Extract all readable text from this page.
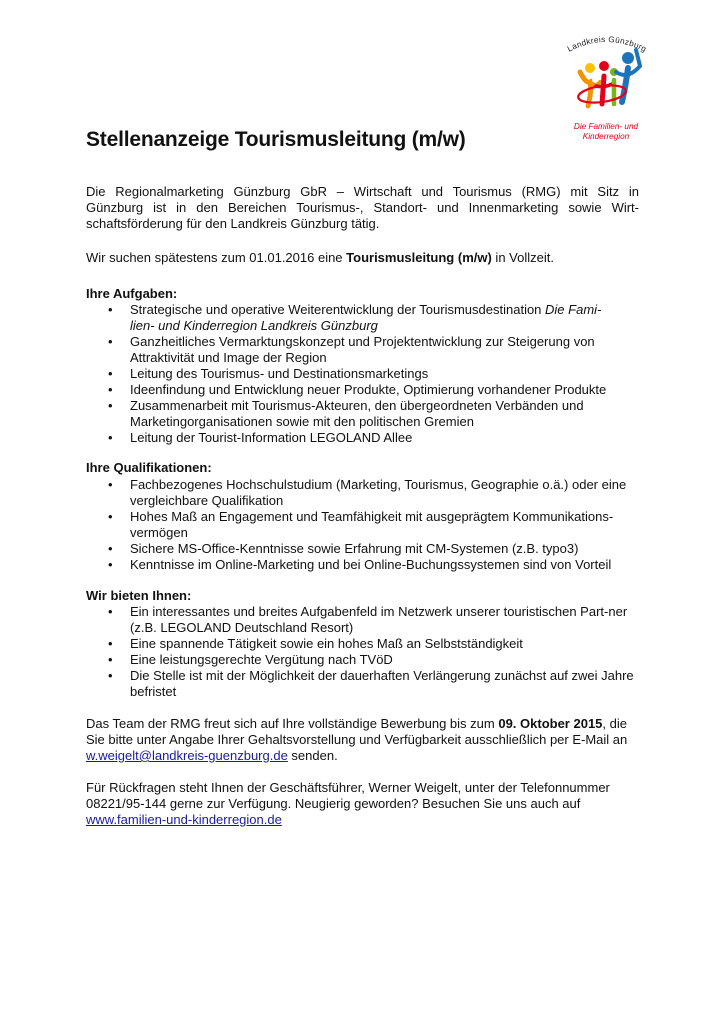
Landkreis Günzburg
Die Familien- und
Kinderregion
Stellenanzeige Tourismusleitung (m/w)
Die Regionalmarketing Günzburg GbR – Wirtschaft und Tourismus (RMG) mit Sitz in
Günzburg ist in den Bereichen Tourismus-, Standort- und Innenmarketing sowie Wirt-
schaftsförderung für den Landkreis Günzburg tätig.

Wir suchen spätestens zum 01.01.2016 eine Tourismusleitung (m/w) in Vollzeit.

Ihre Aufgaben:

• Strategische und operative Weiterentwicklung der Tourismusdestination Die Fami-
lien- und Kinderregion Landkreis Günzburg
• Ganzheitliches Vermarktungskonzept und Projektentwicklung zur Steigerung von Attraktivität und Image der Region
• Leitung des Tourismus- und Destinationsmarketings
• Ideenfindung und Entwicklung neuer Produkte, Optimierung vorhandener Produkte
• Zusammenarbeit mit Tourismus-Akteuren, den übergeordneten Verbänden und Marketingorganisationen sowie mit den politischen Gremien
• Leitung der Tourist-Information LEGOLAND Allee

Ihre Qualifikationen:

• Fachbezogenes Hochschulstudium (Marketing, Tourismus, Geographie o.ä.) oder eine vergleichbare Qualifikation
• Hohes Maß an Engagement und Teamfähigkeit mit ausgeprägtem Kommunikations-vermögen
• Sichere MS-Office-Kenntnisse sowie Erfahrung mit CM-Systemen (z.B. typo3)
• Kenntnisse im Online-Marketing und bei Online-Buchungssystemen sind von Vorteil

Wir bieten Ihnen:

• Ein interessantes und breites Aufgabenfeld im Netzwerk unserer touristischen Part-ner (z.B. LEGOLAND Deutschland Resort)
• Eine spannende Tätigkeit sowie ein hohes Maß an Selbstständigkeit
• Eine leistungsgerechte Vergütung nach TVöD
• Die Stelle ist mit der Möglichkeit der dauerhaften Verlängerung zunächst auf zwei Jahre befristet

Das Team der RMG freut sich auf Ihre vollständige Bewerbung bis zum 09. Oktober 2015, die Sie bitte unter Angabe Ihrer Gehaltsvorstellung und Verfügbarkeit ausschließlich per E-Mail an w.weigelt@landkreis-guenzburg.de senden.

Für Rückfragen steht Ihnen der Geschäftsführer, Werner Weigelt, unter der Telefonnummer 08221/95-144 gerne zur Verfügung. Neugierig geworden? Besuchen Sie uns auch auf www.familien-und-kinderregion.de
